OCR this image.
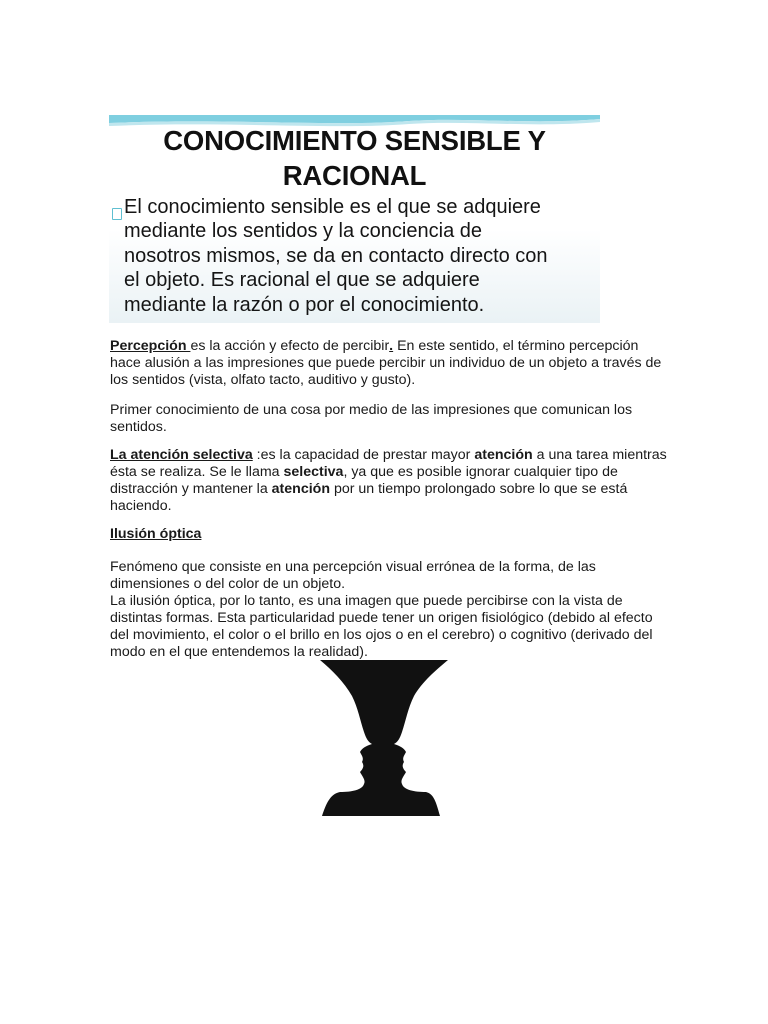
CONOCIMIENTO SENSIBLE Y
RACIONAL
El conocimiento sensible es el que se adquiere
mediante los sentidos y la conciencia de
nosotros mismos, se da en contacto directo con
el objeto. Es racional el que se adquiere
mediante la razón o por el conocimiento.

Percepción es la acción y efecto de percibir. En este sentido, el término percepción hace alusión a las impresiones que puede percibir un individuo de un objeto a través de los sentidos (vista, olfato tacto, auditivo y gusto).

Primer conocimiento de una cosa por medio de las impresiones que comunican los sentidos.

La atención selectiva :es la capacidad de prestar mayor atención a una tarea mientras ésta se realiza. Se le llama selectiva, ya que es posible ignorar cualquier tipo de distracción y mantener la atención por un tiempo prolongado sobre lo que se está haciendo.

Ilusión óptica

Fenómeno que consiste en una percepción visual errónea de la forma, de las dimensiones o del color de un objeto.
La ilusión óptica, por lo tanto, es una imagen que puede percibirse con la vista de distintas formas. Esta particularidad puede tener un origen fisiológico (debido al efecto del movimiento, el color o el brillo en los ojos o en el cerebro) o cognitivo (derivado del modo en el que entendemos la realidad).
